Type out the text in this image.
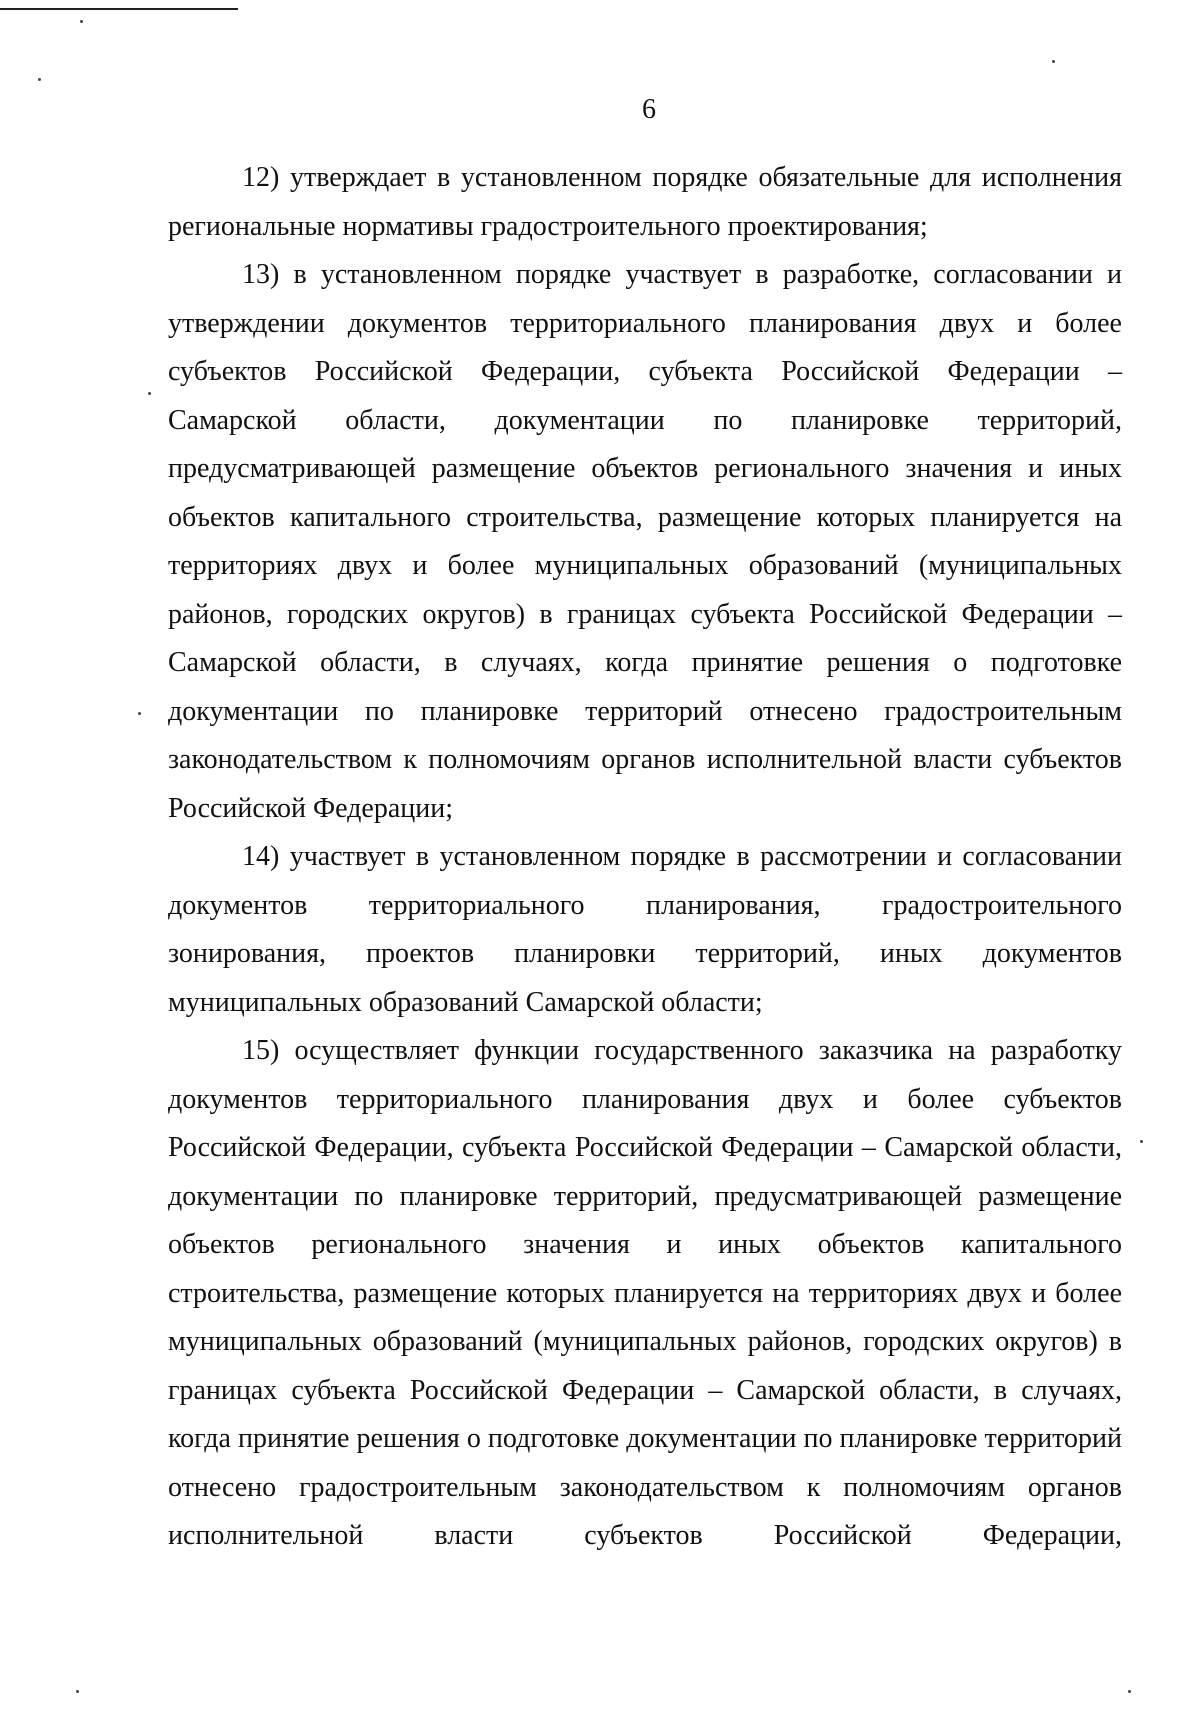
6

12) утверждает в установленном порядке обязательные для исполнения региональные нормативы градостроительного проектирования;

13) в установленном порядке участвует в разработке, согласовании и утверждении документов территориального планирования двух и более субъектов Российской Федерации, субъекта Российской Федерации – Самарской области, документации по планировке территорий, предусматривающей размещение объектов регионального значения и иных объектов капитального строительства, размещение которых планируется на территориях двух и более муниципальных образований (муниципальных районов, городских округов) в границах субъекта Российской Федерации – Самарской области, в случаях, когда принятие решения о подготовке документации по планировке территорий отнесено градостроительным законодательством к полномочиям органов исполнительной власти субъектов Российской Федерации;

14) участвует в установленном порядке в рассмотрении и согласовании документов территориального планирования, градостроительного зонирования, проектов планировки территорий, иных документов муниципальных образований Самарской области;

15) осуществляет функции государственного заказчика на разработку документов территориального планирования двух и более субъектов Российской Федерации, субъекта Российской Федерации – Самарской области, документации по планировке территорий, предусматривающей размещение объектов регионального значения и иных объектов капитального строительства, размещение которых планируется на территориях двух и более муниципальных образований (муниципальных районов, городских округов) в границах субъекта Российской Федерации – Самарской области, в случаях, когда принятие решения о подготовке документации по планировке территорий отнесено градостроительным законодательством к полномочиям органов исполнительной власти субъектов Российской Федерации,
